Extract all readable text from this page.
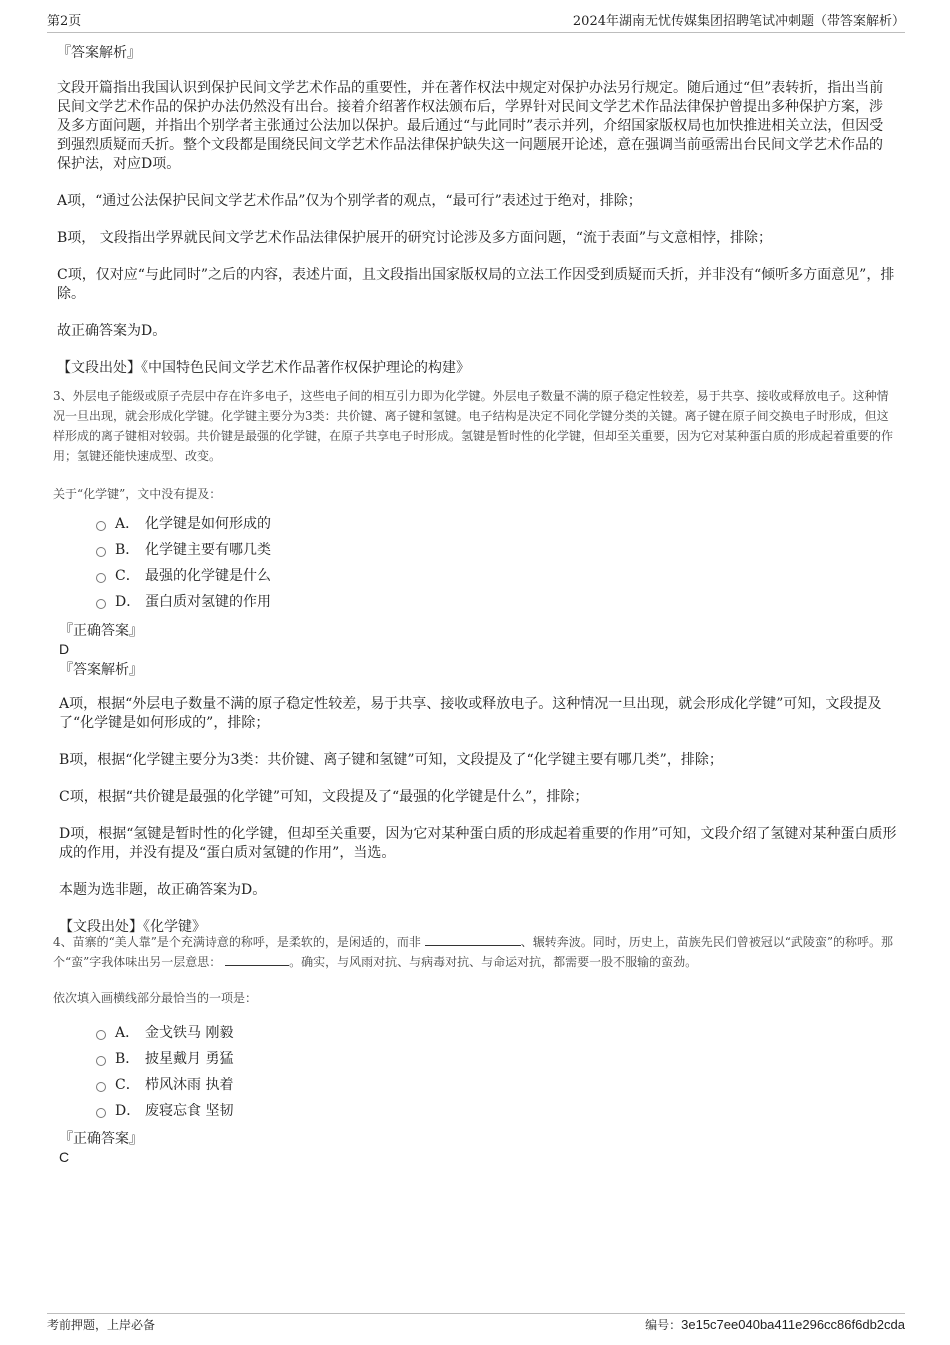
第2页	2024年湖南无忧传媒集团招聘笔试冲刺题（带答案解析）
『答案解析』
文段开篇指出我国认识到保护民间文学艺术作品的重要性，并在著作权法中规定对保护办法另行规定。随后通过“但”表转折，指出当前民间文学艺术作品的保护办法仍然没有出台。接着介绍著作权法颁布后，学界针对民间文学艺术作品法律保护曾提出多种保护方案，涉及多方面问题，并指出个别学者主张通过公法加以保护。最后通过“与此同时”表示并列，介绍国家版权局也加快推进相关立法，但因受到强烈质疑而夭折。整个文段都是围绕民间文学艺术作品法律保护缺失这一问题展开论述，意在强调当前亟需出台民间文学艺术作品的保护法，对应D项。
A项，“通过公法保护民间文学艺术作品”仅为个别学者的观点，“最可行”表述过于绝对，排除；
B项， 文段指出学界就民间文学艺术作品法律保护展开的研究讨论涉及多方面问题，“流于表面”与文意相悖，排除；
C项，仅对应“与此同时”之后的内容，表述片面，且文段指出国家版权局的立法工作因受到质疑而夭折，并非没有“倾听多方面意见”，排除。
故正确答案为D。
【文段出处】《中国特色民间文学艺术作品著作权保护理论的构建》
3、外层电子能级或原子壳层中存在许多电子，这些电子间的相互引力即为化学键。外层电子数量不满的原子稳定性较差，易于共享、接收或释放电子。这种情况一旦出现，就会形成化学键。化学键主要分为3类：共价键、离子键和氢键。电子结构是决定不同化学键分类的关键。离子键在原子间交换电子时形成，但这样形成的离子键相对较弱。共价键是最强的化学键，在原子共享电子时形成。氢键是暂时性的化学键，但却至关重要，因为它对某种蛋白质的形成起着重要的作用；氢键还能快速成型、改变。
关于“化学键”，文中没有提及：
A． 化学键是如何形成的
B． 化学键主要有哪几类
C． 最强的化学键是什么
D． 蛋白质对氢键的作用
『正确答案』
D
『答案解析』
A项，根据“外层电子数量不满的原子稳定性较差，易于共享、接收或释放电子。这种情况一旦出现，就会形成化学键”可知，文段提及了“化学键是如何形成的”，排除；
B项，根据“化学键主要分为3类：共价键、离子键和氢键”可知，文段提及了“化学键主要有哪几类”，排除；
C项，根据“共价键是最强的化学键”可知，文段提及了“最强的化学键是什么”，排除；
D项，根据“氢键是暂时性的化学键，但却至关重要，因为它对某种蛋白质的形成起着重要的作用”可知，文段介绍了氢键对某种蛋白质形成的作用，并没有提及“蛋白质对氢键的作用”，当选。
本题为选非题，故正确答案为D。
【文段出处】《化学键》
4、苗寨的“美人靠”是个充满诗意的称呼，是柔软的，是闲适的，而非	、辗转奔波。同时，历史上，苗族先民们曾被冠以“武陵蛮”的称呼。那个“蛮”字我体味出另一层意思：	。确实，与风雨对抗、与病毒对抗、与命运对抗，都需要一股不服输的蛮劲。
依次填入画横线部分最恰当的一项是：
A． 金戈铁马 刚毅
B． 披星戴月 勇猛
C． 栉风沐雨 执着
D． 废寝忘食 坚韧
『正确答案』
C
考前押题，上岸必备	编号：3e15c7ee040ba411e296cc86f6db2cda
